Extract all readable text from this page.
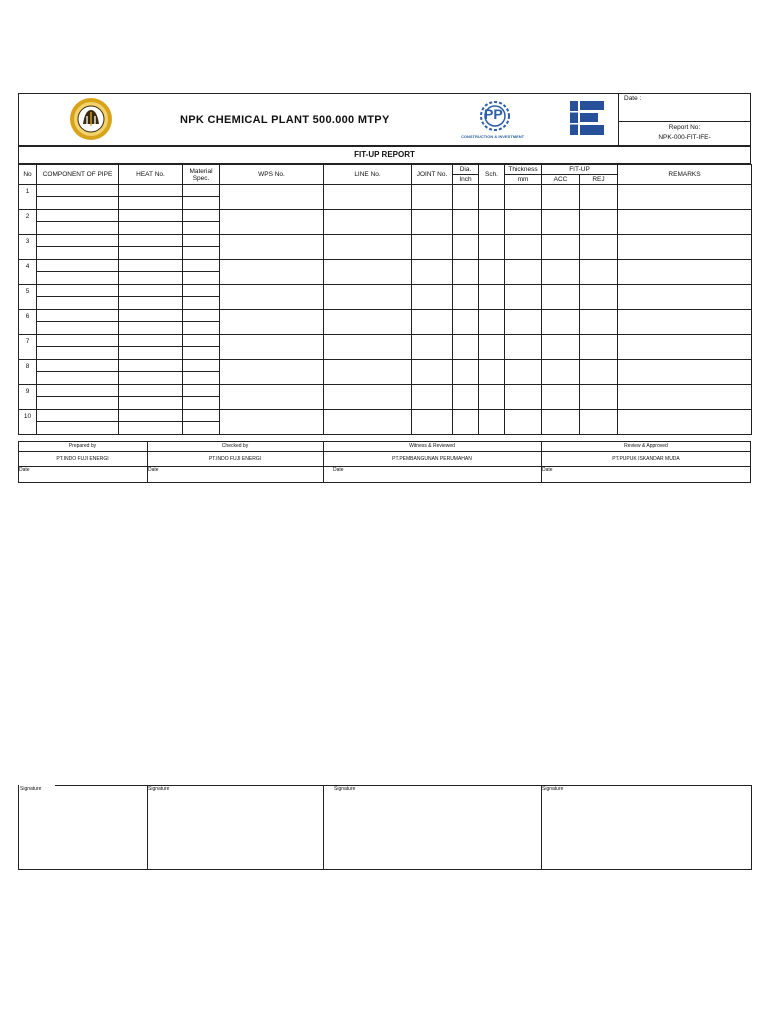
NPK CHEMICAL PLANT 500.000 MTPY	PP
CONSTRUCTION & INVESTMENT
Date :
Report No:
NPK-000-FIT-IFE-
FIT-UP REPORT
No	COMPONENT OF PIPE	HEAT No.	Material Spec.	WPS No.	LINE No.	JOINT No.	Dia.	Sch.	Thickness	FIT-UP		REMARKS
							Inch		mm	ACC	REJ	
1												

2												

3												

4												

5												

6												

7												

8												

9												

10												

Prepared by	Checked by	Witness & Reviewed	Review & Approved
PT.INDO FUJI ENERGI	PT.INDO FUJI ENERGI	PT.PEMBANGUNAN PERUMAHAN	PT.PUPUK ISKANDAR MUDA
Date	Date	Date	Date
Signature	Signature	Signature	Signature
